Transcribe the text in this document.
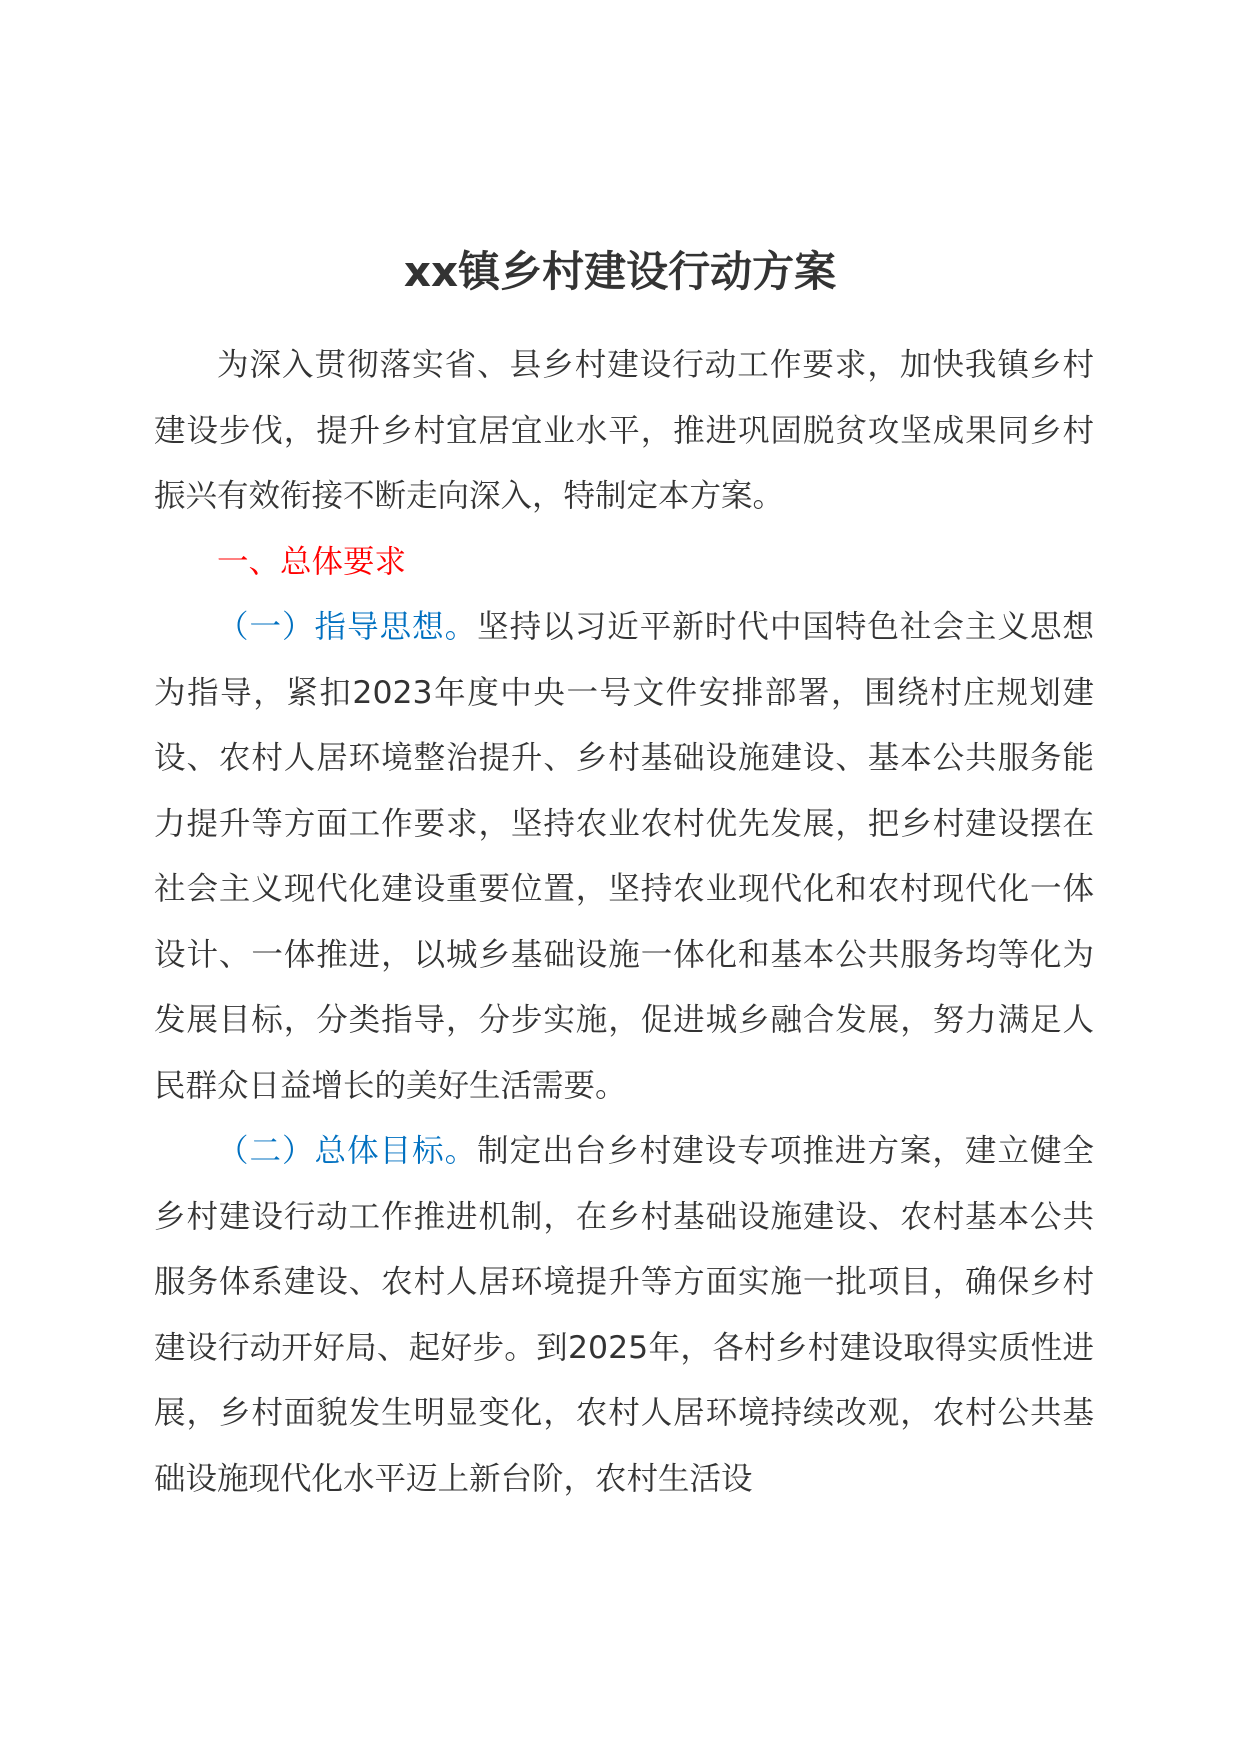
xx镇乡村建设行动方案

为深入贯彻落实省、县乡村建设行动工作要求，加快我镇乡村建设步伐，提升乡村宜居宜业水平，推进巩固脱贫攻坚成果同乡村振兴有效衔接不断走向深入，特制定本方案。

一、总体要求

（一）指导思想。坚持以习近平新时代中国特色社会主义思想为指导，紧扣2023年度中央一号文件安排部署，围绕村庄规划建设、农村人居环境整治提升、乡村基础设施建设、基本公共服务能力提升等方面工作要求，坚持农业农村优先发展，把乡村建设摆在社会主义现代化建设重要位置，坚持农业现代化和农村现代化一体设计、一体推进，以城乡基础设施一体化和基本公共服务均等化为发展目标，分类指导，分步实施，促进城乡融合发展，努力满足人民群众日益增长的美好生活需要。

（二）总体目标。制定出台乡村建设专项推进方案，建立健全乡村建设行动工作推进机制，在乡村基础设施建设、农村基本公共服务体系建设、农村人居环境提升等方面实施一批项目，确保乡村建设行动开好局、起好步。到2025年，各村乡村建设取得实质性进展，乡村面貌发生明显变化，农村人居环境持续改观，农村公共基础设施现代化水平迈上新台阶，农村生活设
